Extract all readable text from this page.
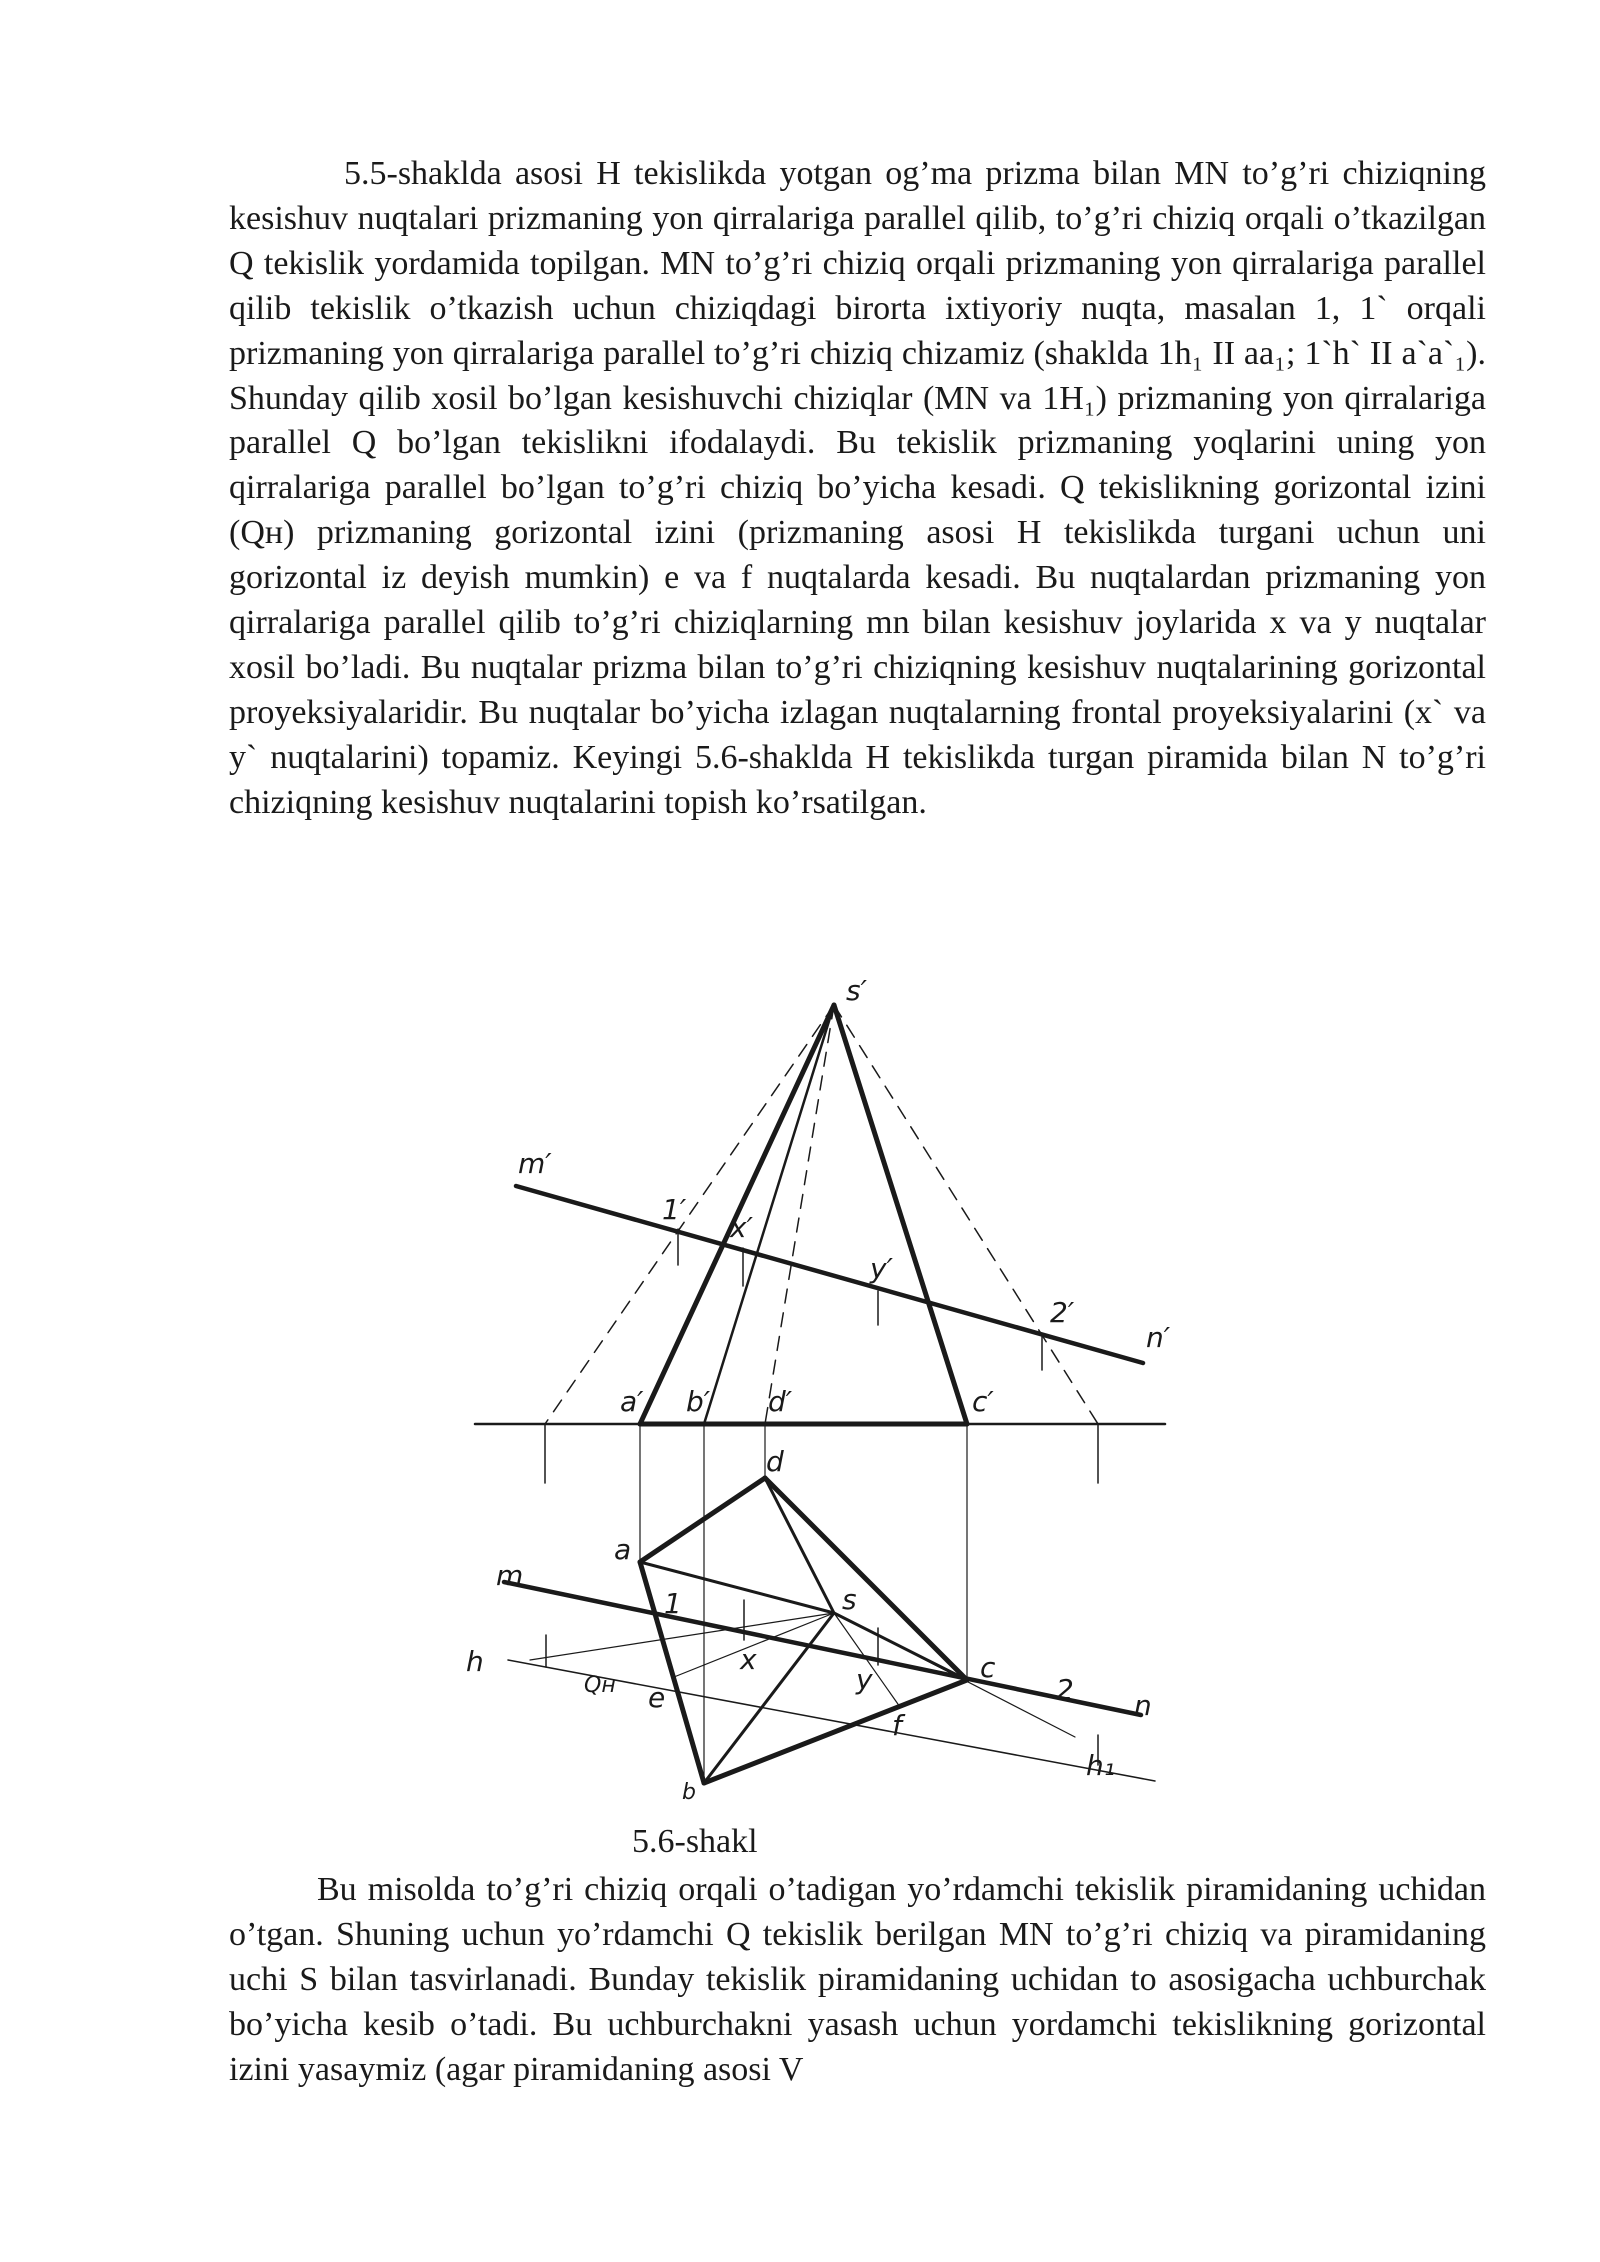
5.5-shaklda asosi H tekislikda yotgan og’ma prizma bilan MN to’g’ri chiziqning kesishuv nuqtalari prizmaning yon qirralariga parallel qilib, to’g’ri chiziq orqali o’tkazilgan Q tekislik yordamida topilgan. MN to’g’ri chiziq orqali prizmaning yon qirralariga parallel qilib tekislik o’tkazish uchun chiziqdagi birorta ixtiyoriy nuqta, masalan 1, 1` orqali prizmaning yon qirralariga parallel to’g’ri chiziq chizamiz (shaklda 1h₁ II aa₁; 1`h` II a`a`₁). Shunday qilib xosil bo’lgan kesishuvchi chiziqlar (MN va 1H₁) prizmaning yon qirralariga parallel Q bo’lgan tekislikni ifodalaydi. Bu tekislik prizmaning yoqlarini uning yon qirralariga parallel bo’lgan to’g’ri chiziq bo’yicha kesadi. Q tekislikning gorizontal izini (Qʜ) prizmaning gorizontal izini (prizmaning asosi H tekislikda turgani uchun uni gorizontal iz deyish mumkin) e va f nuqtalarda kesadi. Bu nuqtalardan prizmaning yon qirralariga parallel qilib to’g’ri chiziqlarning mn bilan kesishuv joylarida x va y nuqtalar xosil bo’ladi. Bu nuqtalar prizma bilan to’g’ri chiziqning kesishuv nuqtalarining gorizontal proyeksiyalaridir. Bu nuqtalar bo’yicha izlagan nuqtalarning frontal proyeksiyalarini (x` va y` nuqtalarini) topamiz. Keyingi 5.6-shaklda H tekislikda turgan piramida bilan N to’g’ri chiziqning kesishuv nuqtalarini topish ko’rsatilgan.

s′
m′
1′
x′
y′
2′
n′
a′ b′ d′	c′
d
a
m
1	s
h	x
Qн e
y	c
2 n
f
h₁
b
5.6-shakl

Bu misolda to’g’ri chiziq orqali o’tadigan yo’rdamchi tekislik piramidaning uchidan o’tgan. Shuning uchun yo’rdamchi Q tekislik berilgan MN to’g’ri chiziq va piramidaning uchi S bilan tasvirlanadi. Bunday tekislik piramidaning uchidan to asosigacha uchburchak bo’yicha kesib o’tadi. Bu uchburchakni yasash uchun yordamchi tekislikning gorizontal izini yasaymiz (agar piramidaning asosi V
